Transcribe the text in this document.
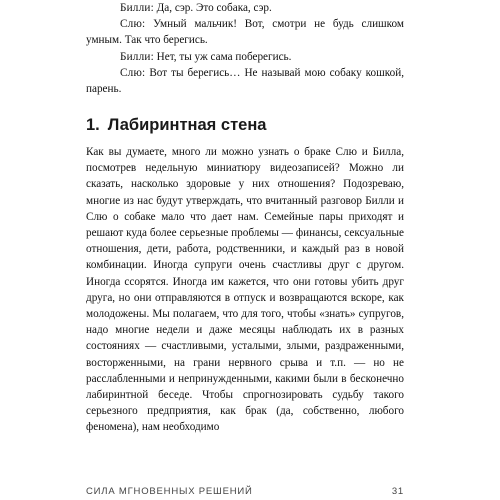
Билли: Да, сэр. Это собака, сэр.

Слю: Умный мальчик! Вот, смотри не будь слишком умным. Так что берегись.

Билли: Нет, ты уж сама поберегись.

Слю: Вот ты берегись… Не называй мою собаку кошкой, парень.

1. Лабиринтная стена

Как вы думаете, много ли можно узнать о браке Слю и Билла, посмотрев недельную миниатюру видеозаписей? Можно ли сказать, насколько здоровые у них отношения? Подозреваю, многие из нас будут утверждать, что вчитанный разговор Билли и Слю о собаке мало что дает нам. Семейные пары приходят и решают куда более серьезные проблемы — финансы, сексуальные отношения, дети, работа, родственники, и каждый раз в новой комбинации. Иногда супруги очень счастливы друг с другом. Иногда ссорятся. Иногда им кажется, что они готовы убить друг друга, но они отправляются в отпуск и возвращаются вскоре, как молодожены. Мы полагаем, что для того, чтобы «знать» супругов, надо многие недели и даже месяцы наблюдать их в разных состояниях — счастливыми, усталыми, злыми, раздраженными, восторженными, на грани нервного срыва и т.п. — но не расслабленными и непринужденными, какими были в бесконечно лабиринтной беседе. Чтобы спрогнозировать судьбу такого серьезного предприятия, как брак (да, собственно, любого феномена), нам необходимо

СИЛА МГНОВЕННЫХ РЕШЕНИЙ	31
